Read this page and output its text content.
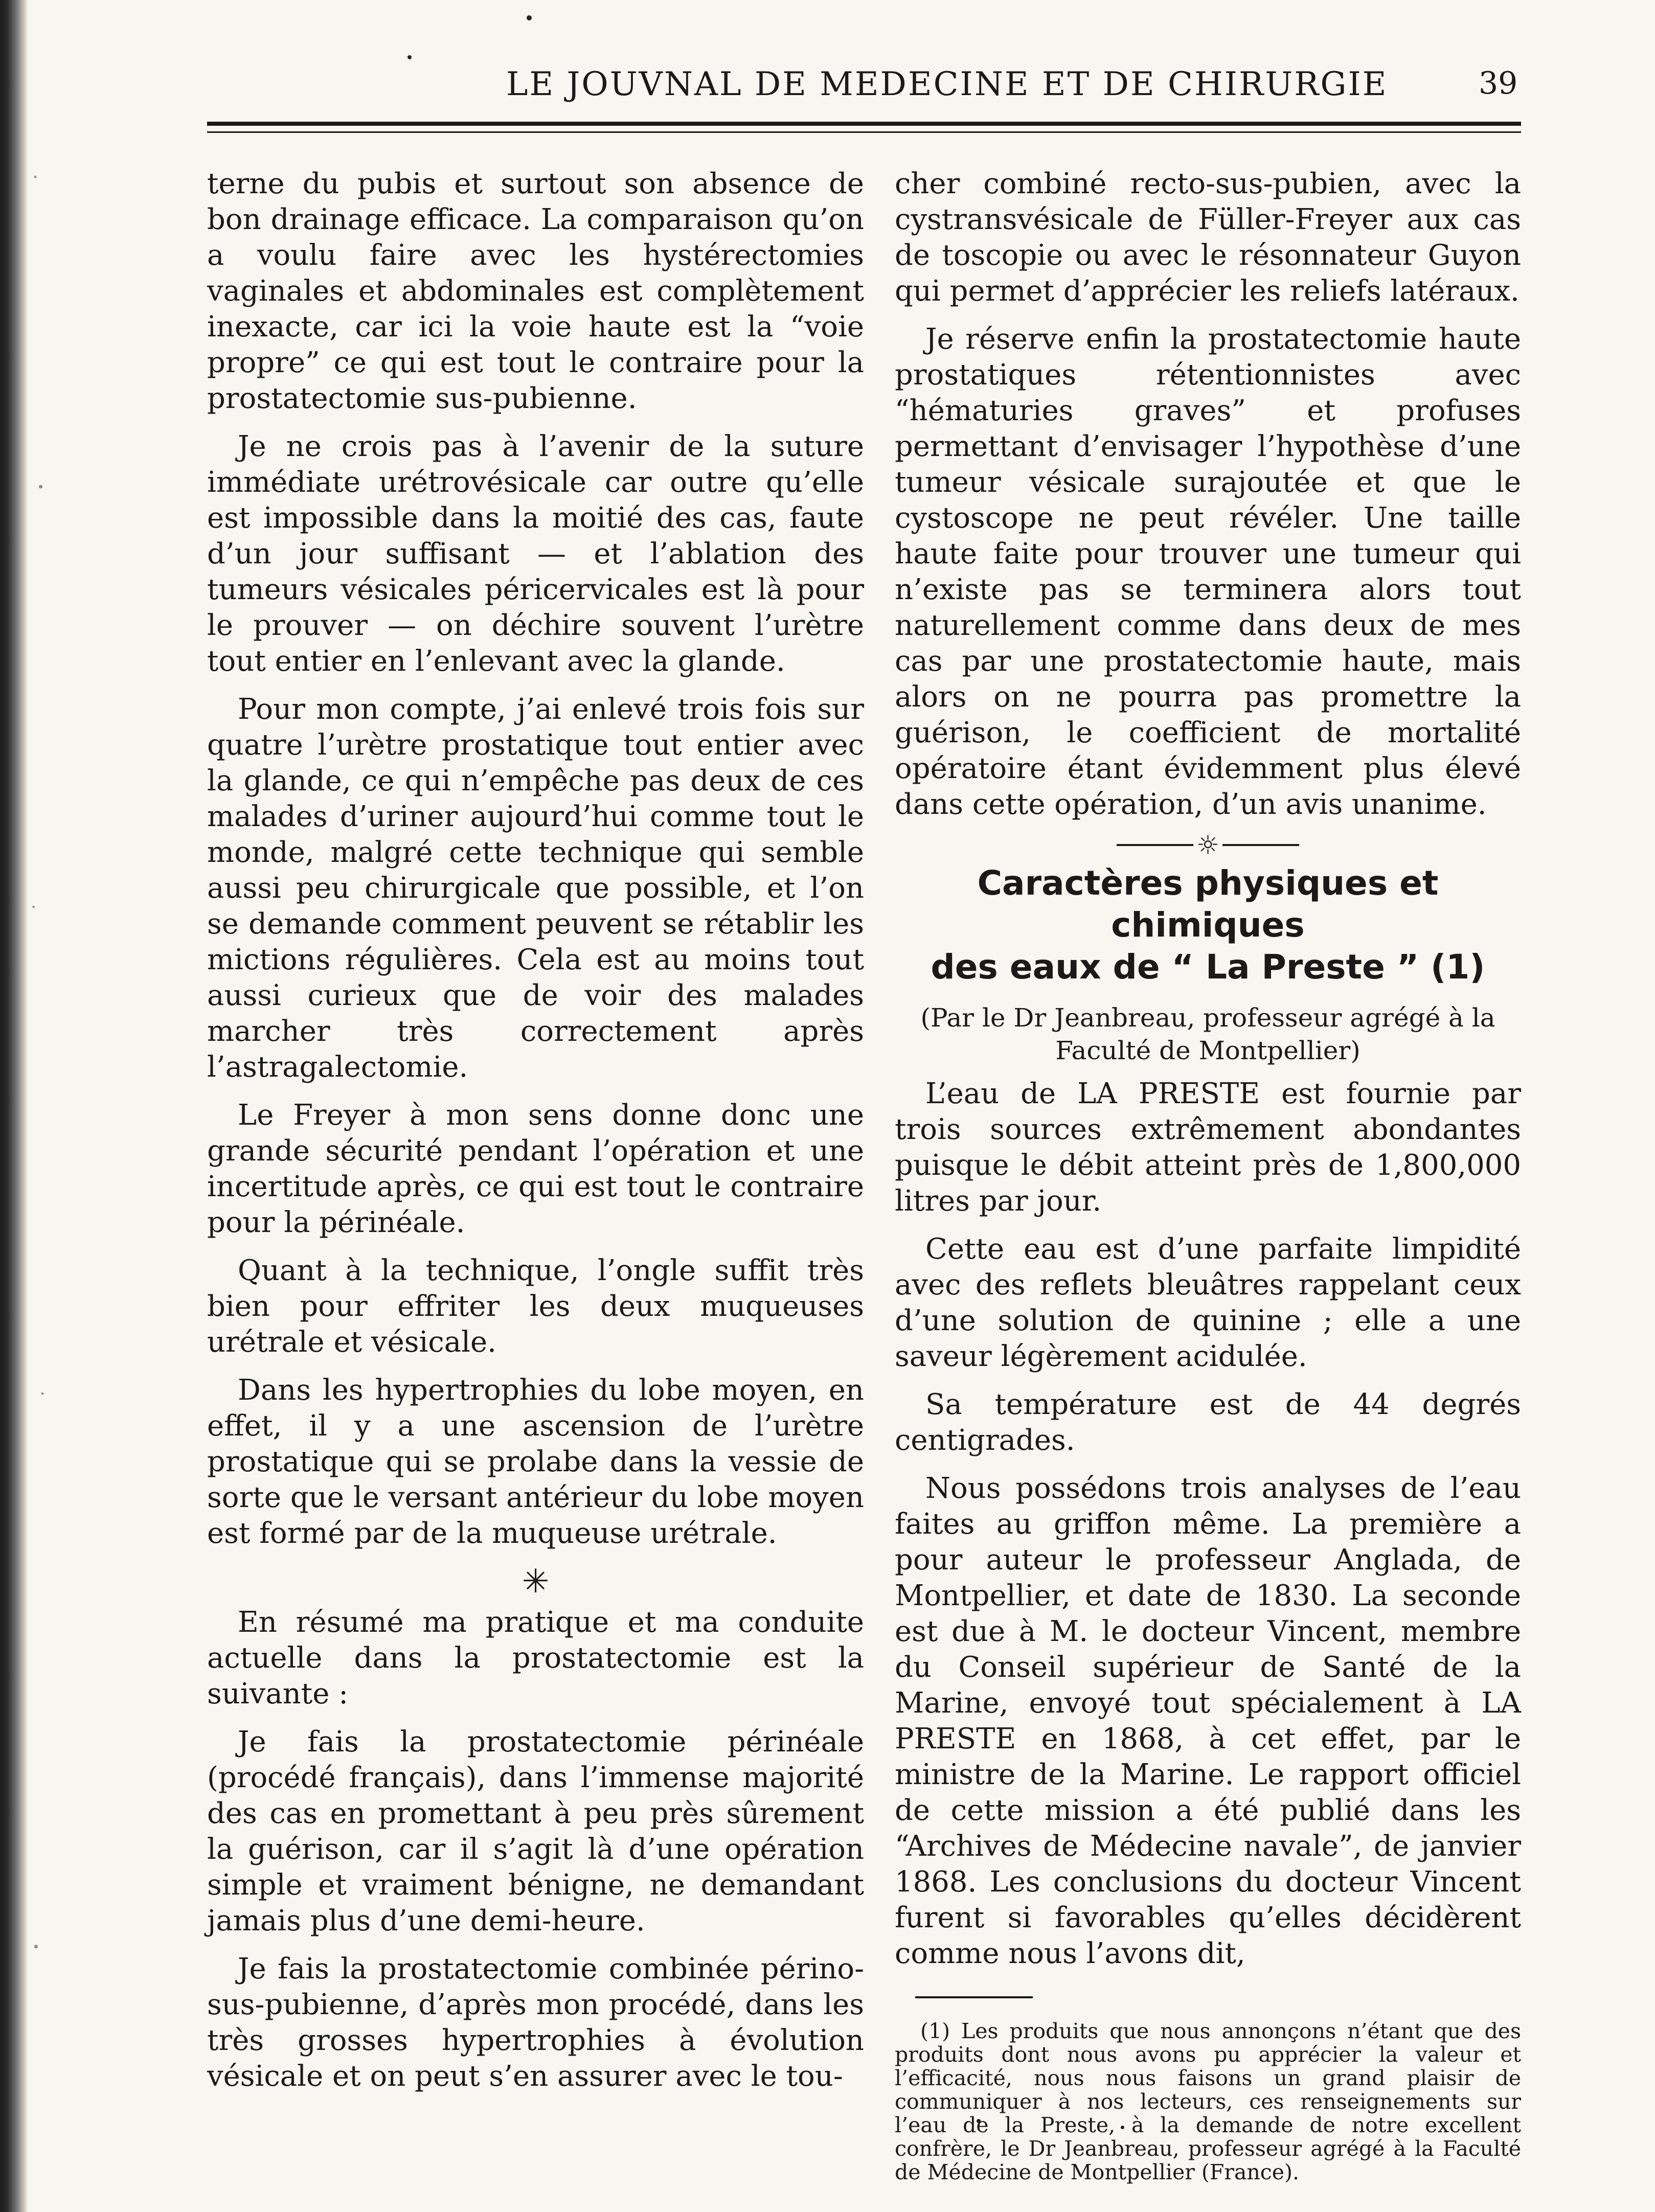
LE JOUVNAL DE MEDECINE ET DE CHIRURGIE	39

terne du pubis et surtout son absence de bon drainage efficace. La comparaison qu’on a voulu faire avec les hystérectomies vaginales et abdominales est complètement inexacte, car ici la voie haute est la “voie propre” ce qui est tout le contraire pour la prostatectomie sus-pubienne.

Je ne crois pas à l’avenir de la suture immédiate urétrovésicale car outre qu’elle est impossible dans la moitié des cas, faute d’un jour suffisant — et l’ablation des tumeurs vésicales péricervicales est là pour le prouver — on déchire souvent l’urètre tout entier en l’enlevant avec la glande.

Pour mon compte, j’ai enlevé trois fois sur quatre l’urètre prostatique tout entier avec la glande, ce qui n’empêche pas deux de ces malades d’uriner aujourd’hui comme tout le monde, malgré cette technique qui semble aussi peu chirurgicale que possible, et l’on se demande comment peuvent se rétablir les mictions régulières. Cela est au moins tout aussi curieux que de voir des malades marcher très correctement après l’astragalectomie.

Le Freyer à mon sens donne donc une grande sécurité pendant l’opération et une incertitude après, ce qui est tout le contraire pour la périnéale.

Quant à la technique, l’ongle suffit très bien pour effriter les deux muqueuses urétrale et vésicale.

Dans les hypertrophies du lobe moyen, en effet, il y a une ascension de l’urètre prostatique qui se prolabe dans la vessie de sorte que le versant antérieur du lobe moyen est formé par de la muqueuse urétrale.

✳

En résumé ma pratique et ma conduite actuelle dans la prostatectomie est la suivante :

Je fais la prostatectomie périnéale (procédé français), dans l’immense majorité des cas en promettant à peu près sûrement la guérison, car il s’agit là d’une opération simple et vraiment bénigne, ne demandant jamais plus d’une demi-heure.

Je fais la prostatectomie combinée périno-sus-pubienne, d’après mon procédé, dans les très grosses hypertrophies à évolution vésicale et on peut s’en assurer avec le tou-

cher combiné recto-sus-pubien, avec la cystransvésicale de Füller-Freyer aux cas de toscopie ou avec le résonnateur Guyon qui permet d’apprécier les reliefs latéraux.

Je réserve enfin la prostatectomie haute prostatiques rétentionnistes avec “hématuries graves” et profuses permettant d’envisager l’hypothèse d’une tumeur vésicale surajoutée et que le cystoscope ne peut révéler. Une taille haute faite pour trouver une tumeur qui n’existe pas se terminera alors tout naturellement comme dans deux de mes cas par une prostatectomie haute, mais alors on ne pourra pas promettre la guérison, le coefficient de mortalité opératoire étant évidemment plus élevé dans cette opération, d’un avis unanime.

☼
Caractères physiques et chimiques
des eaux de “ La Preste ” (1)
(Par le Dr Jeanbreau, professeur agrégé à la Faculté de Montpellier)

L’eau de LA PRESTE est fournie par trois sources extrêmement abondantes puisque le débit atteint près de 1,800,000 litres par jour.

Cette eau est d’une parfaite limpidité avec des reflets bleuâtres rappelant ceux d’une solution de quinine ; elle a une saveur légèrement acidulée.

Sa température est de 44 degrés centigrades.

Nous possédons trois analyses de l’eau faites au griffon même. La première a pour auteur le professeur Anglada, de Montpellier, et date de 1830. La seconde est due à M. le docteur Vincent, membre du Conseil supérieur de Santé de la Marine, envoyé tout spécialement à LA PRESTE en 1868, à cet effet, par le ministre de la Marine. Le rapport officiel de cette mission a été publié dans les “Archives de Médecine navale”, de janvier 1868. Les conclusions du docteur Vincent furent si favorables qu’elles décidèrent comme nous l’avons dit,

(1) Les produits que nous annonçons n’étant que des produits dont nous avons pu apprécier la valeur et l’efficacité, nous nous faisons un grand plaisir de communiquer à nos lecteurs, ces renseignements sur l’eau de la Preste, à la demande de notre excellent confrère, le Dr Jeanbreau, professeur agrégé à la Faculté de Médecine de Montpellier (France).
